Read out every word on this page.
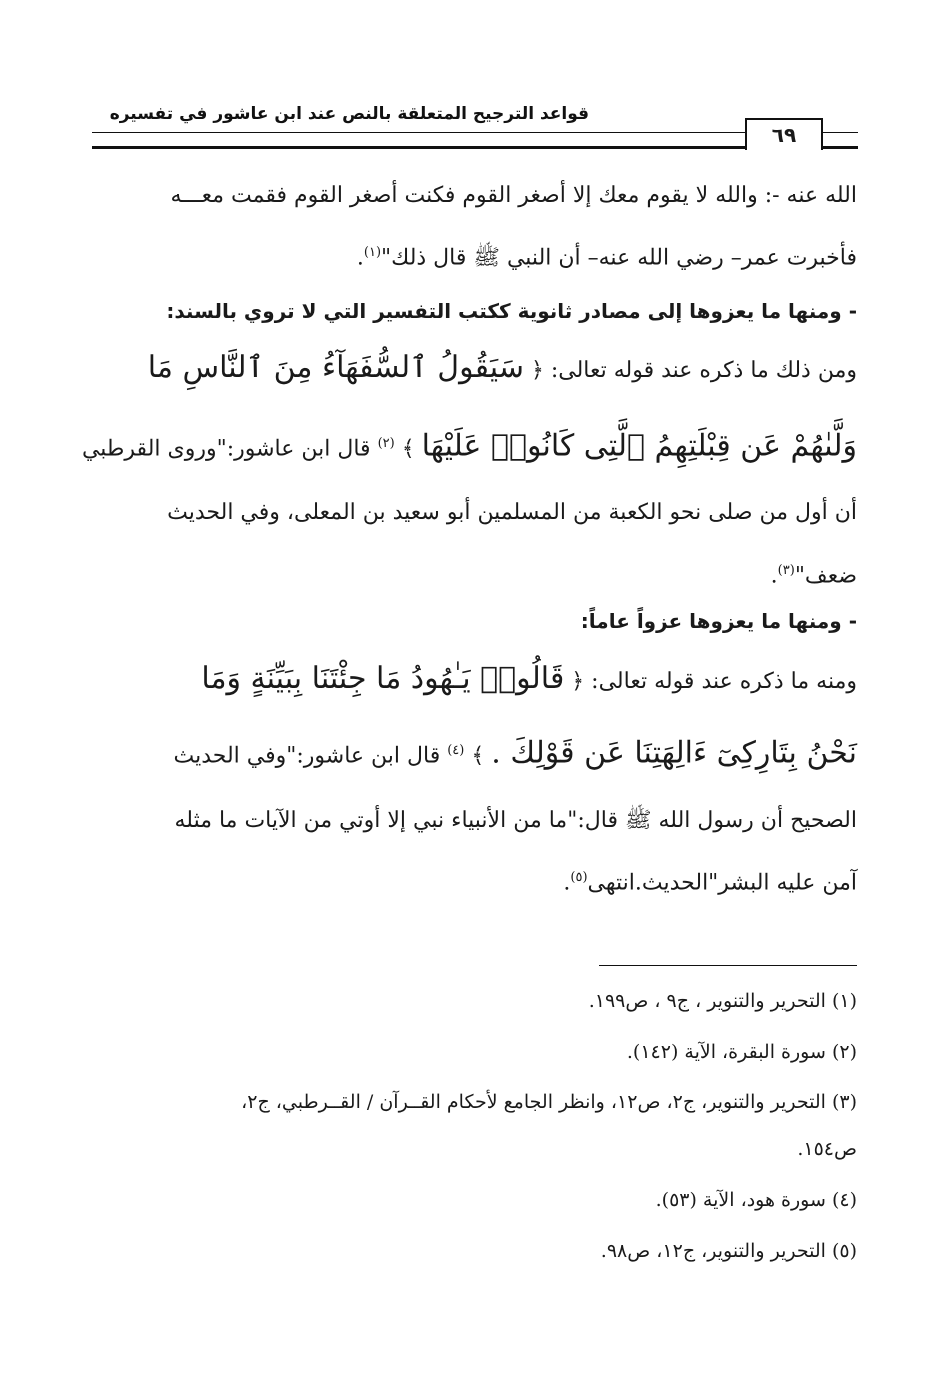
قواعد الترجيح المتعلقة بالنص عند ابن عاشور في تفسيره
٦٩
الله عنه -: والله لا يقوم معك إلا أصغر القوم فكنت أصغر القوم فقمت معـــه
فأخبرت عمر– رضي الله عنه– أن النبي ﷺ قال ذلك"$^{(١)}$.
- ومنها ما يعزوها إلى مصادر ثانوية ككتب التفسير التي لا تروي بالسند:
ومن ذلك ما ذكره عند قوله تعالى: ﴿ سَيَقُولُ ٱلسُّفَهَآءُ مِنَ ٱلنَّاسِ مَا
وَلَّىٰهُمْ عَن قِبْلَتِهِمُ ٱلَّتِى كَانُوا۟ عَلَيْهَا ﴾ $^{(٢)}$ قال ابن عاشور:"وروى القرطبي
أن أول من صلى نحو الكعبة من المسلمين أبو سعيد بن المعلى، وفي الحديث
ضعف"$^{(٣)}$.
- ومنها ما يعزوها عزواً عاماً:
ومنه ما ذكره عند قوله تعالى: ﴿ قَالُوا۟ يَـٰهُودُ مَا جِئْتَنَا بِبَيِّنَةٍ وَمَا
نَحْنُ بِتَارِكِىٓ ءَالِهَتِنَا عَن قَوْلِكَ . ﴾ $^{(٤)}$ قال ابن عاشور:"وفي الحديث
الصحيح أن رسول الله ﷺ قال:"ما من الأنبياء نبي إلا أوتي من الآيات ما مثله
آمن عليه البشر"الحديث.انتهى$^{(٥)}$.
(١) التحرير والتنوير ، ج٩ ، ص١٩٩.
(٢) سورة البقرة، الآية (١٤٢).
(٣) التحرير والتنوير، ج٢، ص١٢، وانظر الجامع لأحكام القــرآن / القــرطبي، ج٢،
ص١٥٤.
(٤) سورة هود، الآية (٥٣).
(٥) التحرير والتنوير، ج١٢، ص٩٨.
